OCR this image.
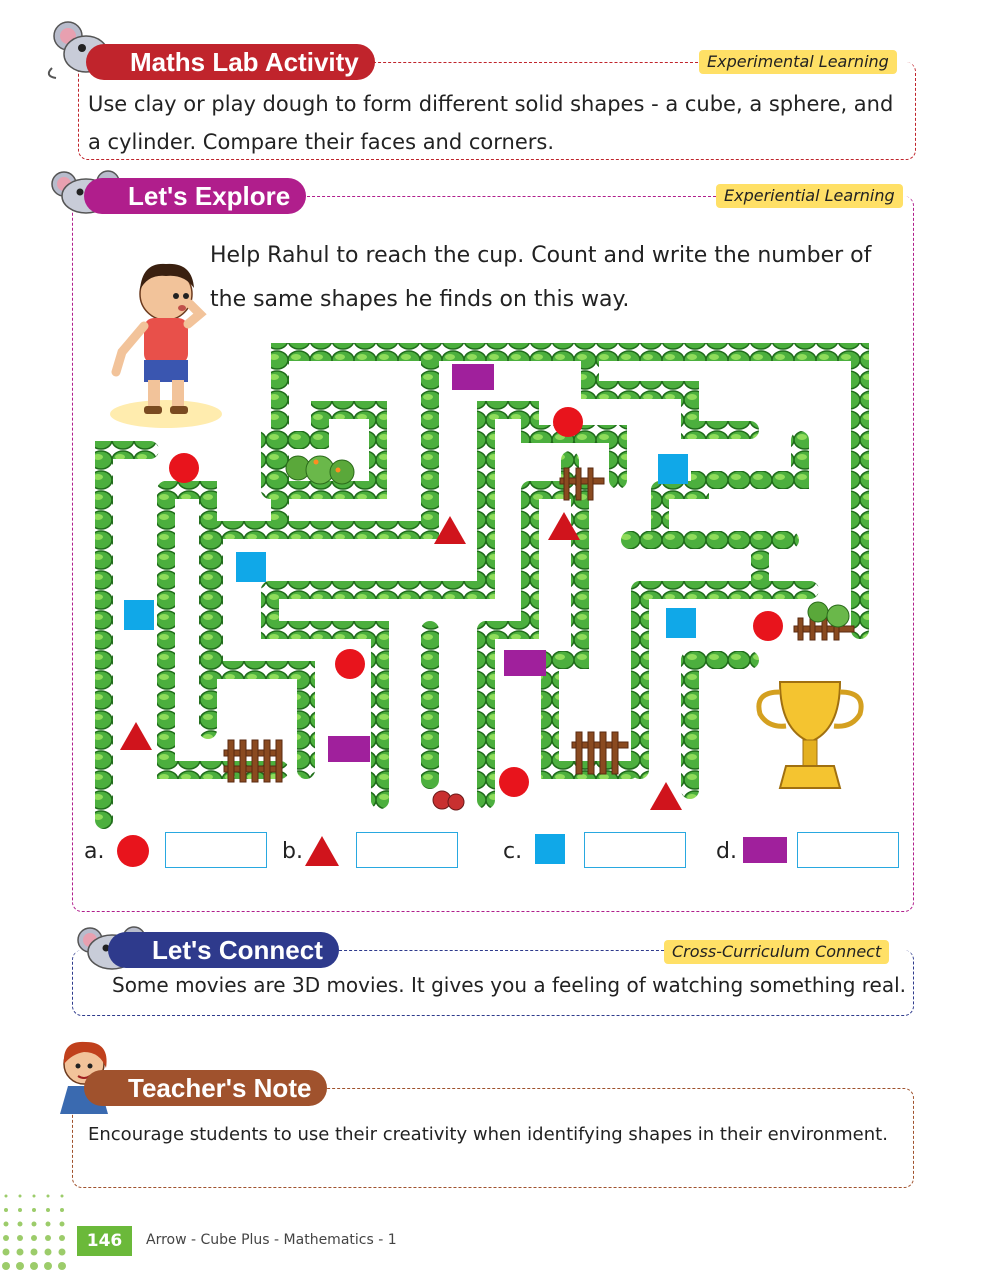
Maths Lab Activity	Experimental Learning

Use clay or play dough to form different solid shapes - a cube, a sphere, and a cylinder. Compare their faces and corners.

Let's Explore	Experiential Learning

Help Rahul to reach the cup. Count and write the number of the same shapes he finds on this way.

a.	b.	c.	d.
Let's Connect	Cross-Curriculum Connect

Some movies are 3D movies. It gives you a feeling of watching something real.

Teacher's Note

Encourage students to use their creativity when identifying shapes in their environment.

146	Arrow - Cube Plus - Mathematics - 1
